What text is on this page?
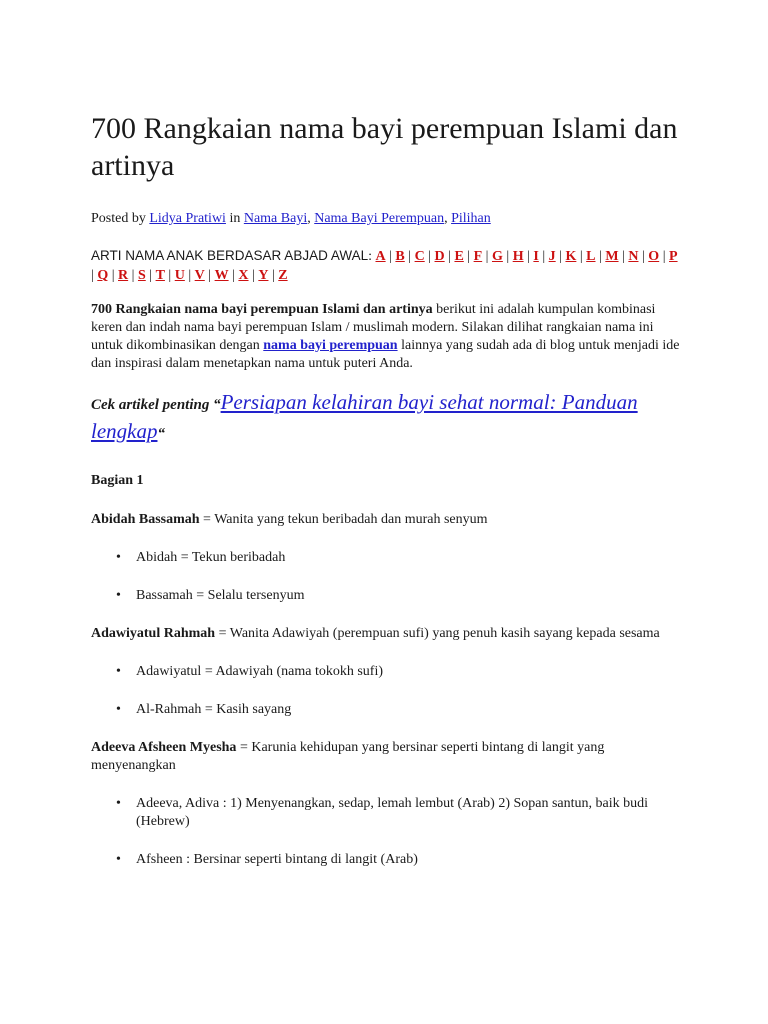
700 Rangkaian nama bayi perempuan Islami dan artinya
Posted by Lidya Pratiwi in Nama Bayi, Nama Bayi Perempuan, Pilihan
ARTI NAMA ANAK BERDASAR ABJAD AWAL: A | B | C | D | E | F | G | H | I | J | K | L | M | N | O | P | Q | R | S | T | U | V | W | X | Y | Z
700 Rangkaian nama bayi perempuan Islami dan artinya berikut ini adalah kumpulan kombinasi keren dan indah nama bayi perempuan Islam / muslimah modern. Silakan dilihat rangkaian nama ini untuk dikombinasikan dengan nama bayi perempuan lainnya yang sudah ada di blog untuk menjadi ide dan inspirasi dalam menetapkan nama untuk puteri Anda.
Cek artikel penting “Persiapan kelahiran bayi sehat normal: Panduan lengkap“
Bagian 1
Abidah Bassamah = Wanita yang tekun beribadah dan murah senyum
• Abidah = Tekun beribadah
• Bassamah = Selalu tersenyum
Adawiyatul Rahmah = Wanita Adawiyah (perempuan sufi) yang penuh kasih sayang kepada sesama
• Adawiyatul = Adawiyah (nama tokokh sufi)
• Al-Rahmah = Kasih sayang
Adeeva Afsheen Myesha = Karunia kehidupan yang bersinar seperti bintang di langit yang menyenangkan
• Adeeva, Adiva : 1) Menyenangkan, sedap, lemah lembut (Arab) 2) Sopan santun, baik budi (Hebrew)
• Afsheen : Bersinar seperti bintang di langit (Arab)
